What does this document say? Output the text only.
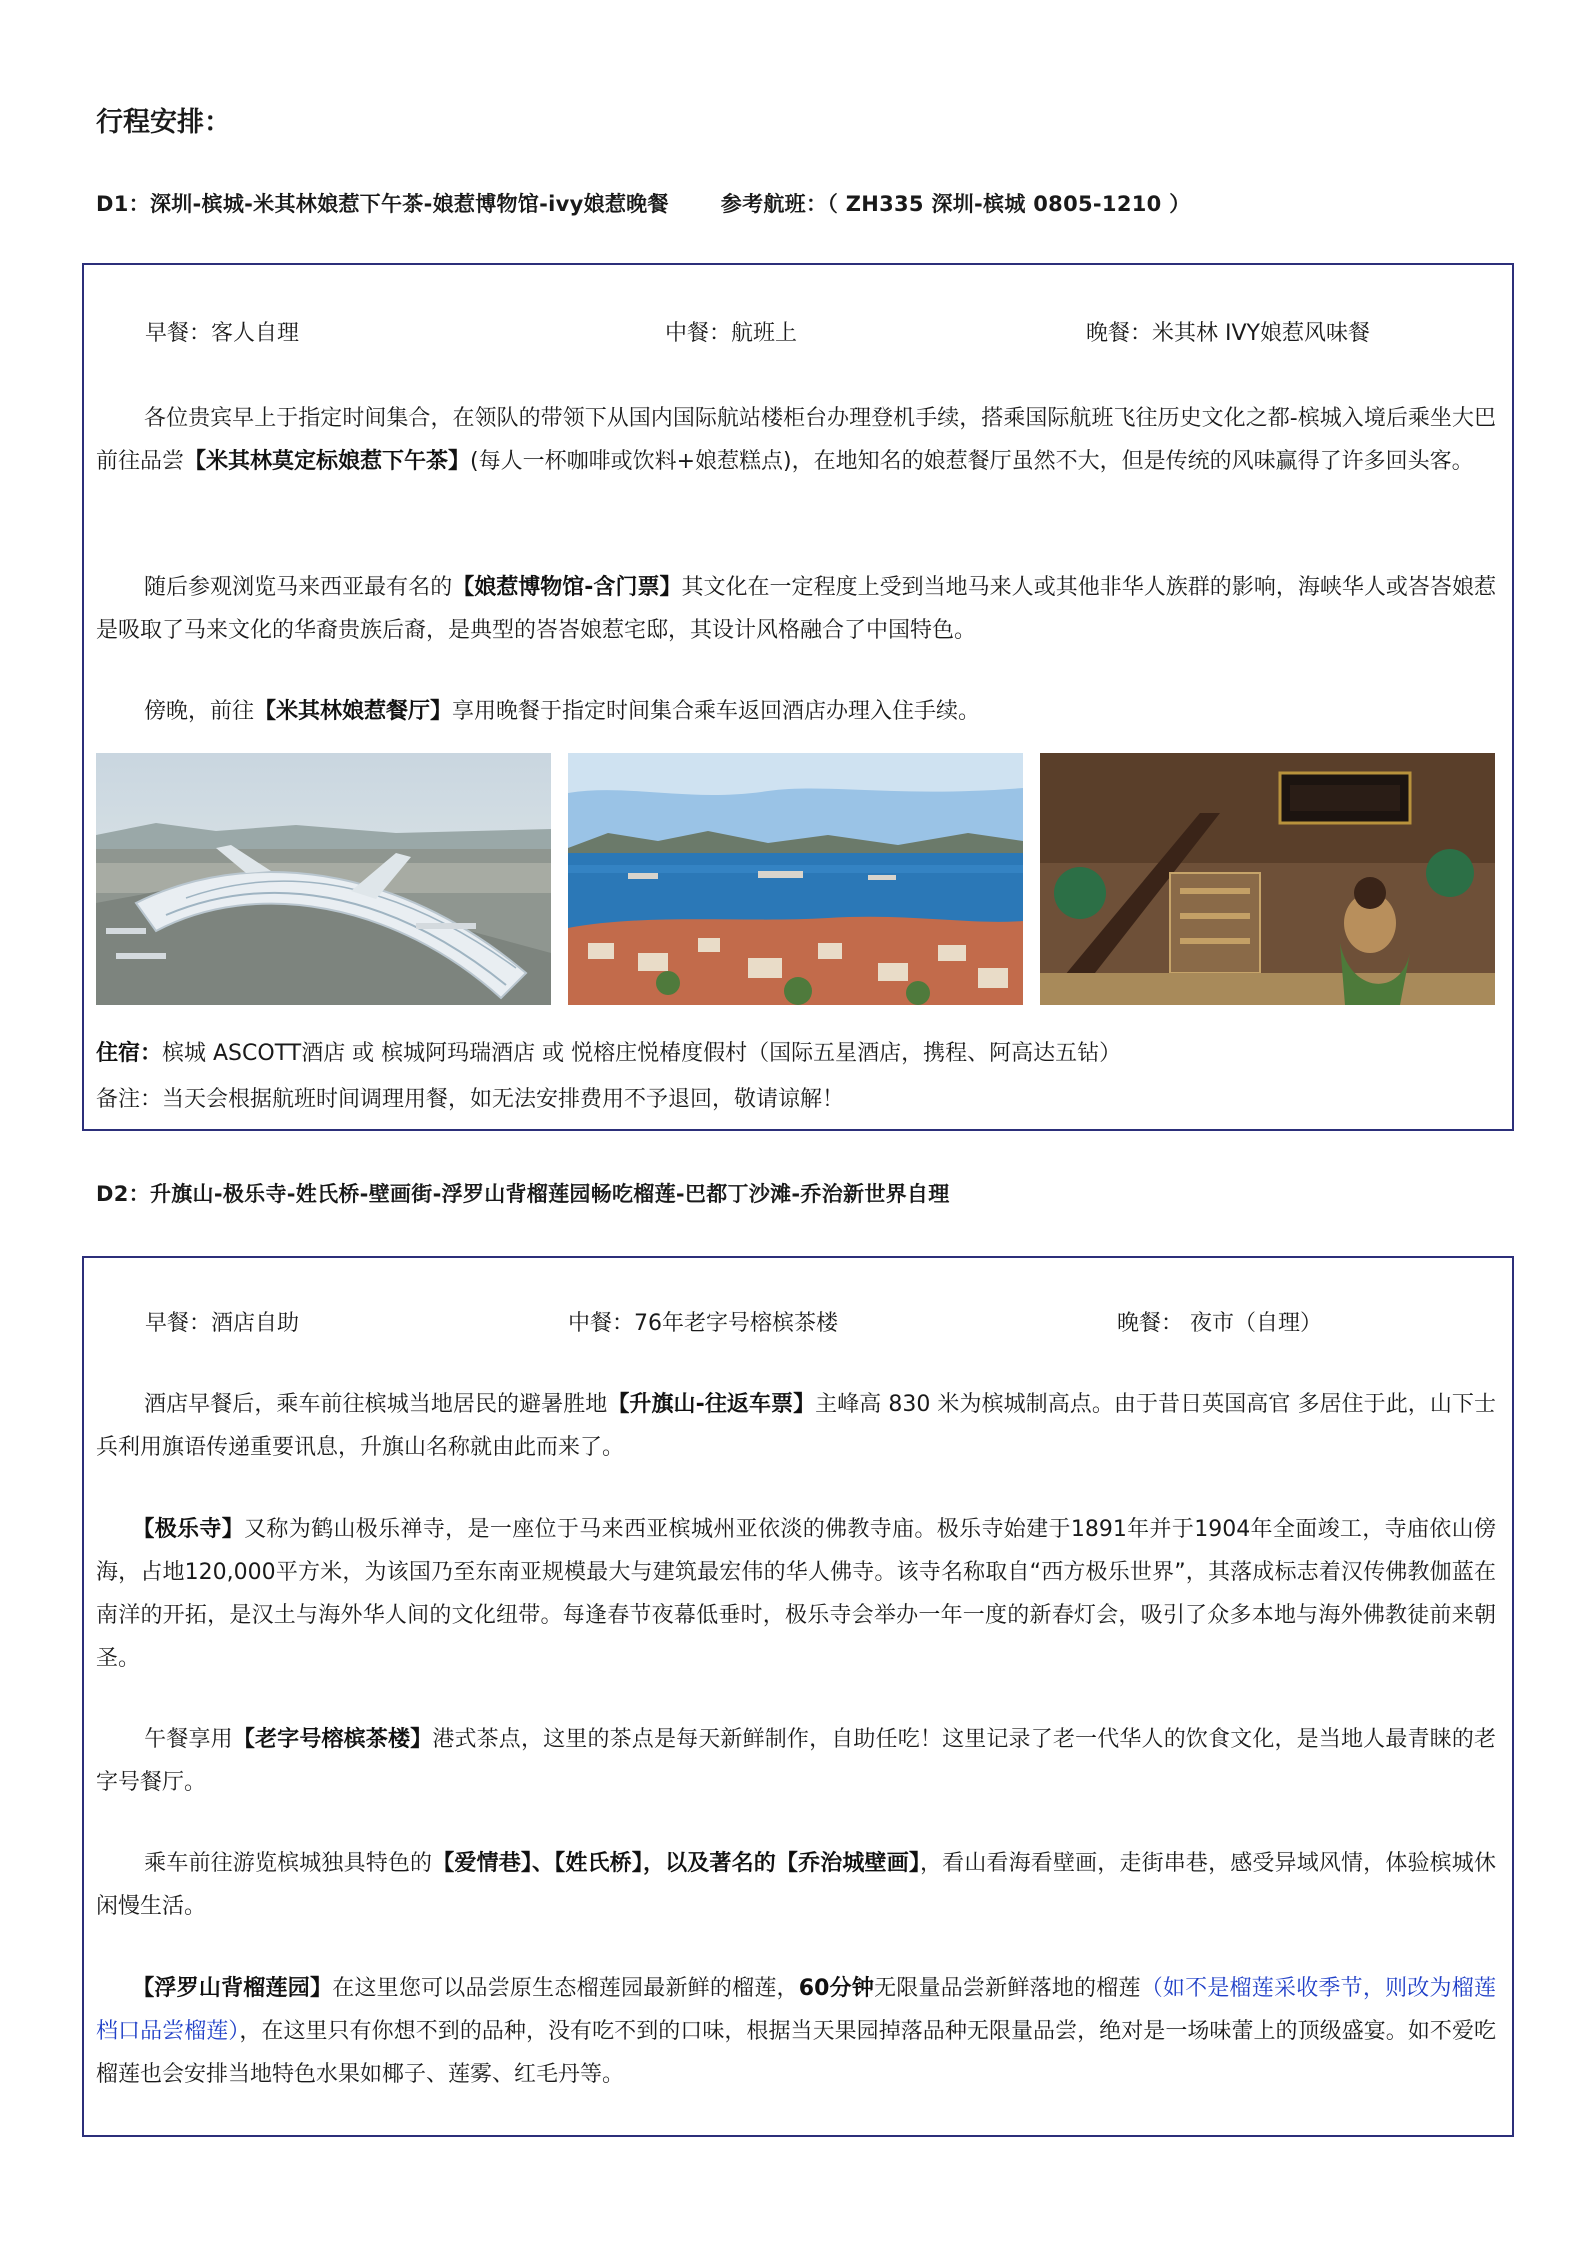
行程安排：
D1：深圳-槟城-米其林娘惹下午茶-娘惹博物馆-ivy娘惹晚餐 参考航班：（ ZH335 深圳-槟城 0805-1210 ）
早餐：客人自理	中餐：航班上	晚餐：米其林 IVY娘惹风味餐
各位贵宾早上于指定时间集合，在领队的带领下从国内国际航站楼柜台办理登机手续，搭乘国际航班飞往历史文化之都-槟城入境后乘坐大巴前往品尝【米其林莫定标娘惹下午茶】(每人一杯咖啡或饮料+娘惹糕点)，在地知名的娘惹餐厅虽然不大，但是传统的风味赢得了许多回头客。
随后参观浏览马来西亚最有名的【娘惹博物馆-含门票】其文化在一定程度上受到当地马来人或其他非华人族群的影响，海峡华人或峇峇娘惹是吸取了马来文化的华裔贵族后裔，是典型的峇峇娘惹宅邸，其设计风格融合了中国特色。
傍晚，前往【米其林娘惹餐厅】享用晚餐于指定时间集合乘车返回酒店办理入住手续。
住宿：槟城 ASCOTT酒店 或 槟城阿玛瑞酒店 或 悦榕庄悦椿度假村（国际五星酒店，携程、阿高达五钻）
备注：当天会根据航班时间调理用餐，如无法安排费用不予退回，敬请谅解！
D2：升旗山-极乐寺-姓氏桥-壁画街-浮罗山背榴莲园畅吃榴莲-巴都丁沙滩-乔治新世界自理
早餐：酒店自助	中餐：76年老字号榕槟茶楼	晚餐： 夜市（自理）
酒店早餐后，乘车前往槟城当地居民的避暑胜地【升旗山-往返车票】主峰高 830 米为槟城制高点。由于昔日英国高官 多居住于此，山下士兵利用旗语传递重要讯息，升旗山名称就由此而来了。
【极乐寺】又称为鹤山极乐禅寺，是一座位于马来西亚槟城州亚依淡的佛教寺庙。极乐寺始建于1891年并于1904年全面竣工，寺庙依山傍海，占地120,000平方米，为该国乃至东南亚规模最大与建筑最宏伟的华人佛寺。该寺名称取自“西方极乐世界”，其落成标志着汉传佛教伽蓝在南洋的开拓，是汉土与海外华人间的文化纽带。每逢春节夜幕低垂时，极乐寺会举办一年一度的新春灯会，吸引了众多本地与海外佛教徒前来朝圣。
午餐享用【老字号榕槟茶楼】港式茶点，这里的茶点是每天新鲜制作，自助任吃！这里记录了老一代华人的饮食文化，是当地人最青睐的老字号餐厅。
乘车前往游览槟城独具特色的【爱情巷】、【姓氏桥】，以及著名的【乔治城壁画】，看山看海看壁画，走街串巷，感受异域风情，体验槟城休闲慢生活。
【浮罗山背榴莲园】在这里您可以品尝原生态榴莲园最新鲜的榴莲，60分钟无限量品尝新鲜落地的榴莲（如不是榴莲采收季节，则改为榴莲档口品尝榴莲），在这里只有你想不到的品种，没有吃不到的口味，根据当天果园掉落品种无限量品尝，绝对是一场味蕾上的顶级盛宴。如不爱吃榴莲也会安排当地特色水果如椰子、莲雾、红毛丹等。
